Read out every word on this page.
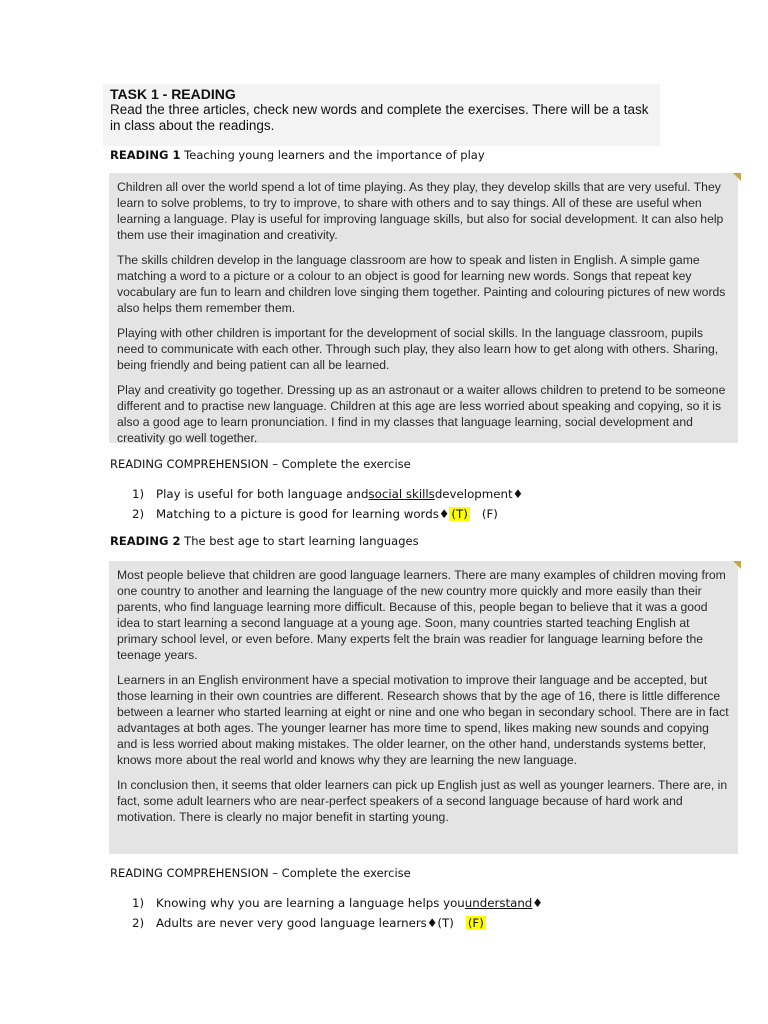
TASK 1 - READING
Read the three articles, check new words and complete the exercises. There will be a task in class about the readings.
READING 1 Teaching young learners and the importance of play

Children all over the world spend a lot of time playing. As they play, they develop skills that are very useful. They learn to solve problems, to try to improve, to share with others and to say things. All of these are useful when learning a language. Play is useful for improving language skills, but also for social development. It can also help them use their imagination and creativity.

The skills children develop in the language classroom are how to speak and listen in English. A simple game matching a word to a picture or a colour to an object is good for learning new words. Songs that repeat key vocabulary are fun to learn and children love singing them together. Painting and colouring pictures of new words also helps them remember them.

Playing with other children is important for the development of social skills. In the language classroom, pupils need to communicate with each other. Through such play, they also learn how to get along with others. Sharing, being friendly and being patient can all be learned.

Play and creativity go together. Dressing up as an astronaut or a waiter allows children to pretend to be someone different and to practise new language. Children at this age are less worried about speaking and copying, so it is also a good age to learn pronunciation. I find in my classes that language learning, social development and creativity go well together.

READING COMPREHENSION – Complete the exercise
1)	Play is useful for both language and social skills development♦
2)	Matching to a picture is good for learning words♦ (T) (F)
READING 2 The best age to start learning languages

Most people believe that children are good language learners. There are many examples of children moving from one country to another and learning the language of the new country more quickly and more easily than their parents, who find language learning more difficult. Because of this, people began to believe that it was a good idea to start learning a second language at a young age. Soon, many countries started teaching English at primary school level, or even before. Many experts felt the brain was readier for language learning before the teenage years.

Learners in an English environment have a special motivation to improve their language and be accepted, but those learning in their own countries are different. Research shows that by the age of 16, there is little difference between a learner who started learning at eight or nine and one who began in secondary school. There are in fact advantages at both ages. The younger learner has more time to spend, likes making new sounds and copying and is less worried about making mistakes. The older learner, on the other hand, understands systems better, knows more about the real world and knows why they are learning the new language.

In conclusion then, it seems that older learners can pick up English just as well as younger learners. There are, in fact, some adult learners who are near-perfect speakers of a second language because of hard work and motivation. There is clearly no major benefit in starting young.

READING COMPREHENSION – Complete the exercise
1)	Knowing why you are learning a language helps you understand ♦
2)	Adults are never very good language learners♦ (T) (F)
